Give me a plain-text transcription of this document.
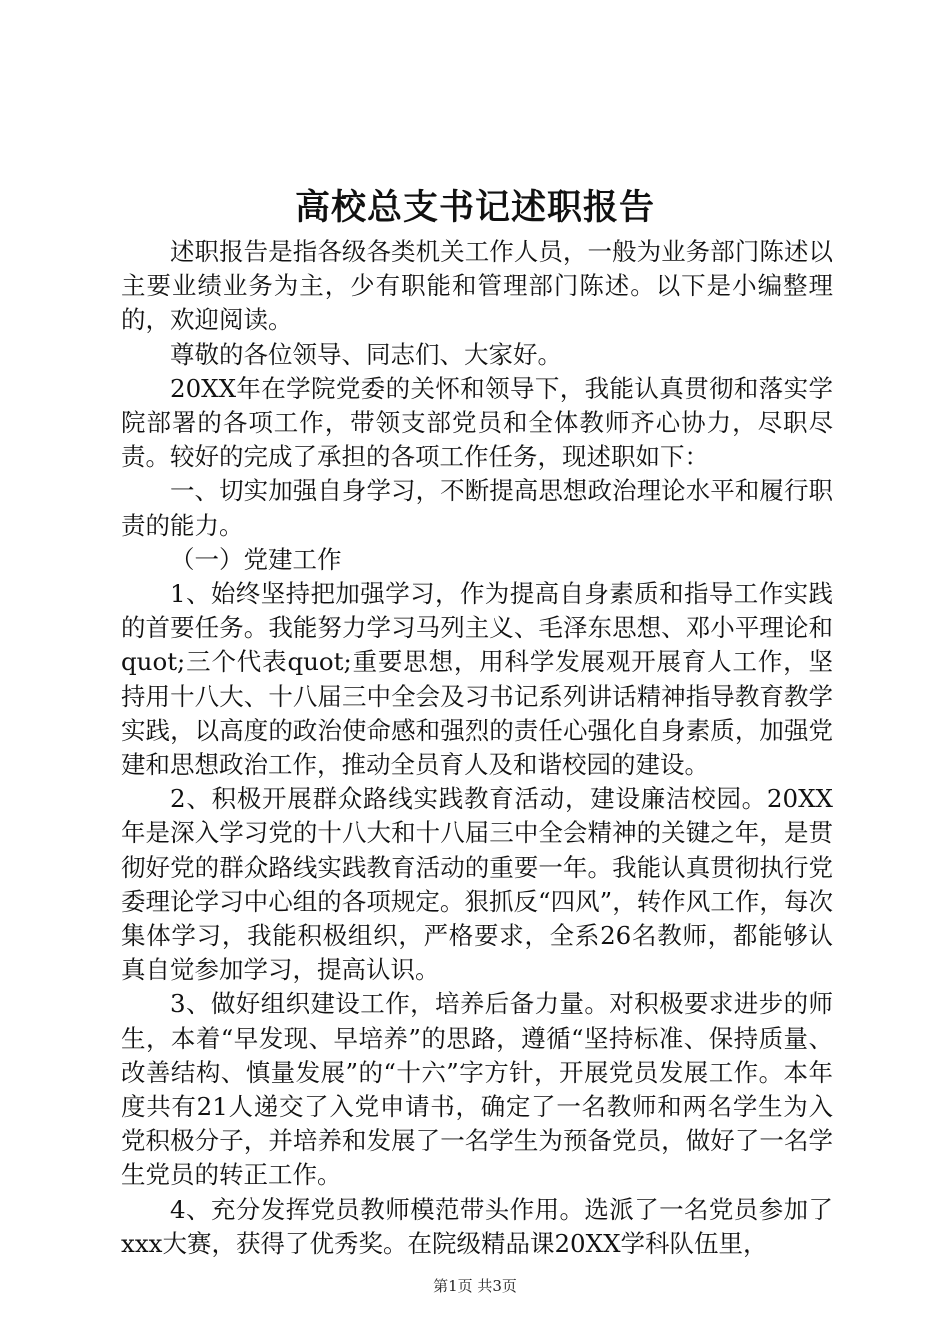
高校总支书记述职报告

述职报告是指各级各类机关工作人员，一般为业务部门陈述以主要业绩业务为主，少有职能和管理部门陈述。以下是小编整理的，欢迎阅读。

尊敬的各位领导、同志们、大家好。

20XX年在学院党委的关怀和领导下，我能认真贯彻和落实学院部署的各项工作，带领支部党员和全体教师齐心协力，尽职尽责。较好的完成了承担的各项工作任务，现述职如下：

一、切实加强自身学习，不断提高思想政治理论水平和履行职责的能力。

（一）党建工作

1、始终坚持把加强学习，作为提高自身素质和指导工作实践的首要任务。我能努力学习马列主义、毛泽东思想、邓小平理论和quot;三个代表quot;重要思想，用科学发展观开展育人工作，坚持用十八大、十八届三中全会及习书记系列讲话精神指导教育教学实践，以高度的政治使命感和强烈的责任心强化自身素质，加强党建和思想政治工作，推动全员育人及和谐校园的建设。

2、积极开展群众路线实践教育活动，建设廉洁校园。20XX年是深入学习党的十八大和十八届三中全会精神的关键之年，是贯彻好党的群众路线实践教育活动的重要一年。我能认真贯彻执行党委理论学习中心组的各项规定。狠抓反“四风”，转作风工作，每次集体学习，我能积极组织，严格要求，全系26名教师，都能够认真自觉参加学习，提高认识。

3、做好组织建设工作，培养后备力量。对积极要求进步的师生，本着“早发现、早培养”的思路，遵循“坚持标准、保持质量、改善结构、慎量发展”的“十六”字方针，开展党员发展工作。本年度共有21人递交了入党申请书，确定了一名教师和两名学生为入党积极分子，并培养和发展了一名学生为预备党员，做好了一名学生党员的转正工作。

4、充分发挥党员教师模范带头作用。选派了一名党员参加了xxx大赛，获得了优秀奖。在院级精品课20XX学科队伍里，

第1页 共3页
